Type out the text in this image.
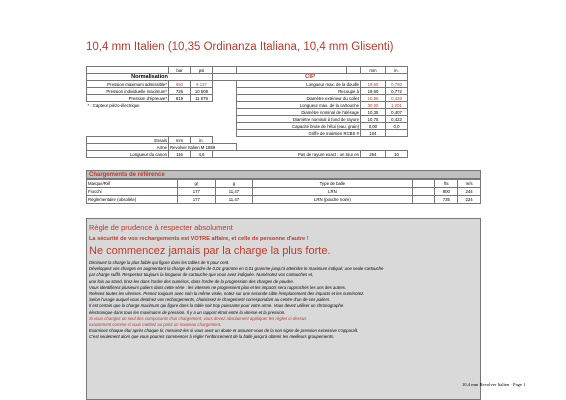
10,4 mm Italien (10,35 Ordinanza Italiana, 10,4 mm Glisenti)
	bar	psi				mm	in.	
Normalisation			CIP					
Pression maximum admissible*	650	9 137		Longueur max. de la douille		19,60	0,760	
Pression individuelle maximum*	726	10 508		Recoupe à		19,60	0,772	
Pression d'épreuve*	819	11 879		Diamètre extérieur du collet		10,86	0,428	
* : Capteur piézo-électrique				Longueur max. de la cartouche		30,50	1,201	
				Diamètre nominal de l'alésage		10,35	0,407	
				Diamètre nominal à fond de rayure		10,75	0,423	
				Capacité brute de l'étui (eau, grain)		0,00	0,0	
				Griffe de maintien RCBS #		104		
Essais	mm	in.						
Arme	Revolver Italien M 1889							
Longueur du canon	116	4,6	Pas de rayure exact : un tour en			254	10	
Chargements de référence
Marque/Réf	gr	g	Type de balle		fts	m/s
Fiocchi	177	11,47	LRN		800	244
Réglementaire (obsolète)	177	11,47	LRN (poudre noire)		735	224
Règle de prudence à respecter absolument
La sécurité de vos rechargements est VOTRE affaire, et celle de personne d'autre !
Ne commencez jamais par la charge la plus forte.
Diminuez la charge la plus faible qui figure dans les tables de 5 pour cent.
Développez vos charges en augmentant la charge de poudre de 0,01 gramme en 0,01 gramme jusqu'à atteindre le maximum indiqué; une seule cartouche
par charge suffit. Respectez toujours la longueur de cartouche que vous avez indiquée. Numérotez vos cartouches et,
une fois au stand, tirez-les dans l'ordre des numéros, dans l'ordre de la progression des charges de poudre.
Vous identifierez plusieurs paliers dans cette série : les vitesses ne progressent plus et les impacts sera rapprochés les uns des autres.
Relevez toutes les vitesses. Prenez toujours avec soin la même visée, notez sur une seconde cible l'emplacement des impacts et les numérotez.
Selon l'usage auquel vous destinez vos rechargements, choisissez le chargement correspondant au centre d'un de ces paliers.
Il est certain que la charge maximum qui figure dans la table soit trop puissante pour votre arme. Vous devez utiliser un chronographe
électronique dans tous les maximums de pression. Il y a un rapport étroit entre la vitesse et la pression.
Si vous changez un seul des composants d'un chargement, vous devez absolument appliquer les règles ci-dessus
exactement comme si vous mettiez au point un nouveau chargement.
Examinez chaque étui après chaque tir, mesurez-les si vous avez un doute et assurez-vous de la non signe de pression excessive n'apparaît.
C'est seulement alors que vous pourrez commencer à régler l'enfoncement de la balle jusqu'à obtenir les meilleurs groupements.
10,4 mm Revolver Italien · Page 1
